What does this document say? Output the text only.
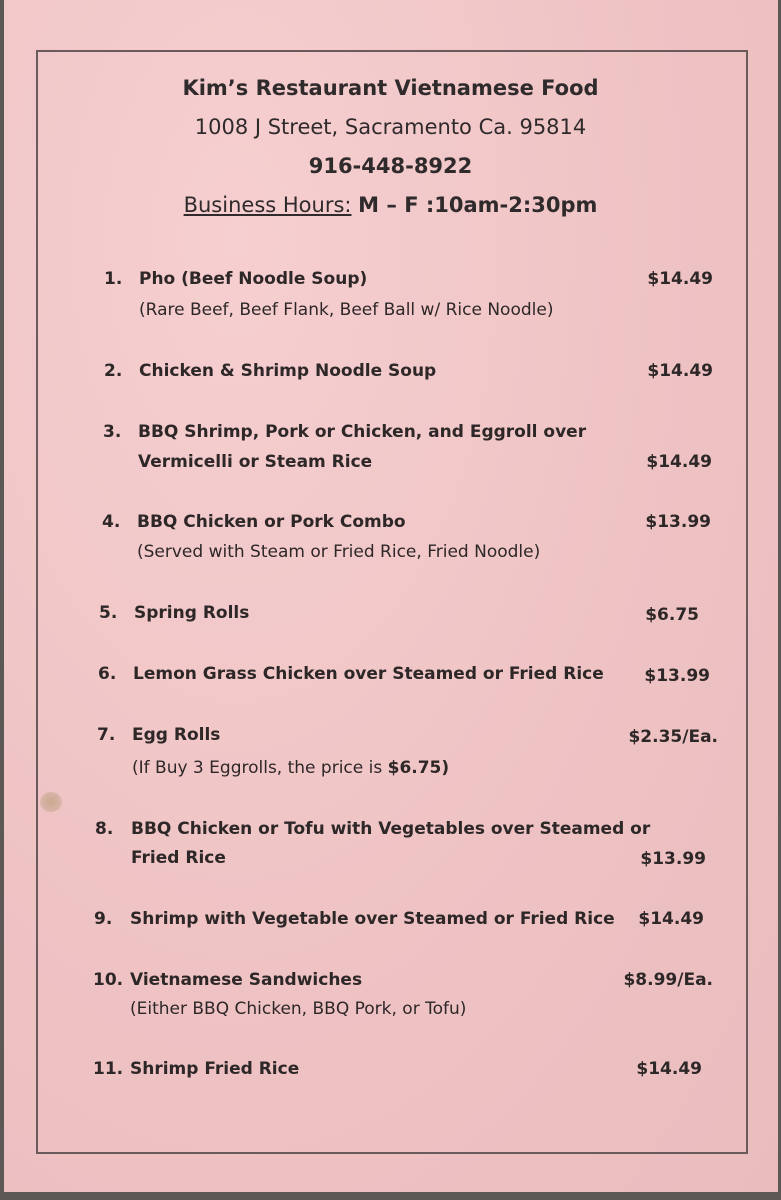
Kim’s Restaurant Vietnamese Food
1008 J Street, Sacramento Ca. 95814
916-448-8922
Business Hours: M – F :10am-2:30pm
1. Pho (Beef Noodle Soup)
(Rare Beef, Beef Flank, Beef Ball w/ Rice Noodle)
$14.49
2. Chicken & Shrimp Noodle Soup	$14.49
3. BBQ Shrimp, Pork or Chicken, and Eggroll over
Vermicelli or Steam Rice	$14.49
4. BBQ Chicken or Pork Combo
(Served with Steam or Fried Rice, Fried Noodle)
$13.99
5. Spring Rolls	$6.75
6. Lemon Grass Chicken over Steamed or Fried Rice $13.99
7. Egg Rolls
(If Buy 3 Eggrolls, the price is $6.75)
$2.35/Ea.
8. BBQ Chicken or Tofu with Vegetables over Steamed or
Fried Rice	$13.99
9. Shrimp with Vegetable over Steamed or Fried Rice $14.49
10. Vietnamese Sandwiches
(Either BBQ Chicken, BBQ Pork, or Tofu)
$8.99/Ea.
11. Shrimp Fried Rice	$14.49
